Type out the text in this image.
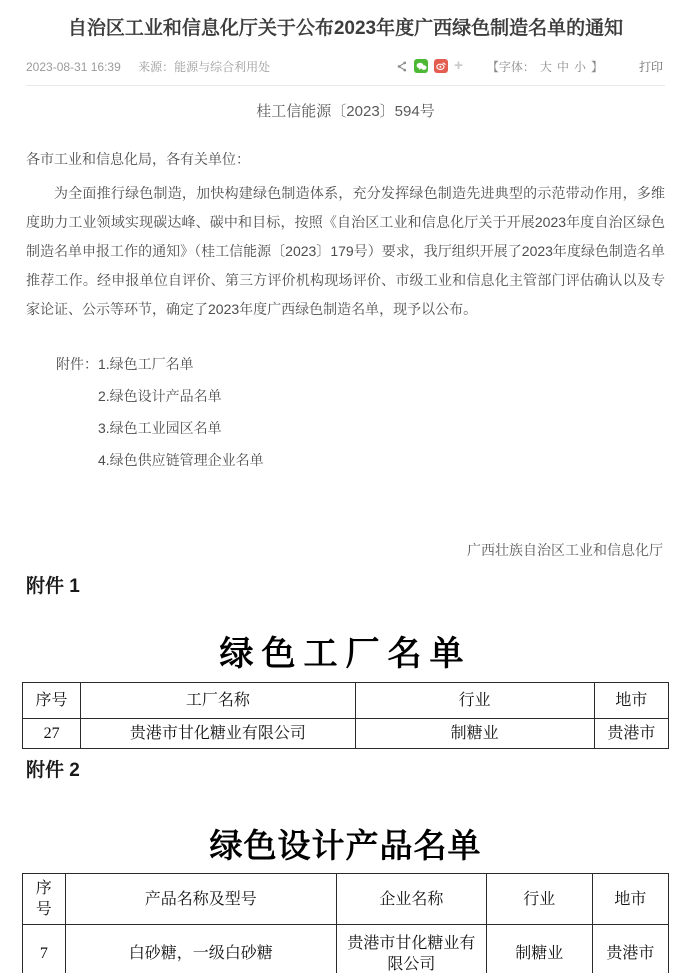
自治区工业和信息化厅关于公布2023年度广西绿色制造名单的通知
2023-08-31 16:39 来源：能源与综合利用处	+ 【字体： 大 中 小 】	打印
桂工信能源〔2023〕594号
各市工业和信息化局，各有关单位：

为全面推行绿色制造，加快构建绿色制造体系，充分发挥绿色制造先进典型的示范带动作用，多维度助力工业领域实现碳达峰、碳中和目标，按照《自治区工业和信息化厅关于开展2023年度自治区绿色制造名单申报工作的通知》（桂工信能源〔2023〕179号）要求，我厅组织开展了2023年度绿色制造名单推荐工作。经申报单位自评价、第三方评价机构现场评价、市级工业和信息化主管部门评估确认以及专家论证、公示等环节，确定了2023年度广西绿色制造名单，现予以公布。

附件： 1.绿色工厂名单
2.绿色设计产品名单
3.绿色工业园区名单
4.绿色供应链管理企业名单
广西壮族自治区工业和信息化厅
附件 1
绿色工厂名单
序号	工厂名称	行业	地市
27	贵港市甘化糖业有限公司	制糖业	贵港市
附件 2
绿色设计产品名单
序号	产品名称及型号	企业名称	行业	地市
7	白砂糖，一级白砂糖	贵港市甘化糖业有限公司	制糖业	贵港市
